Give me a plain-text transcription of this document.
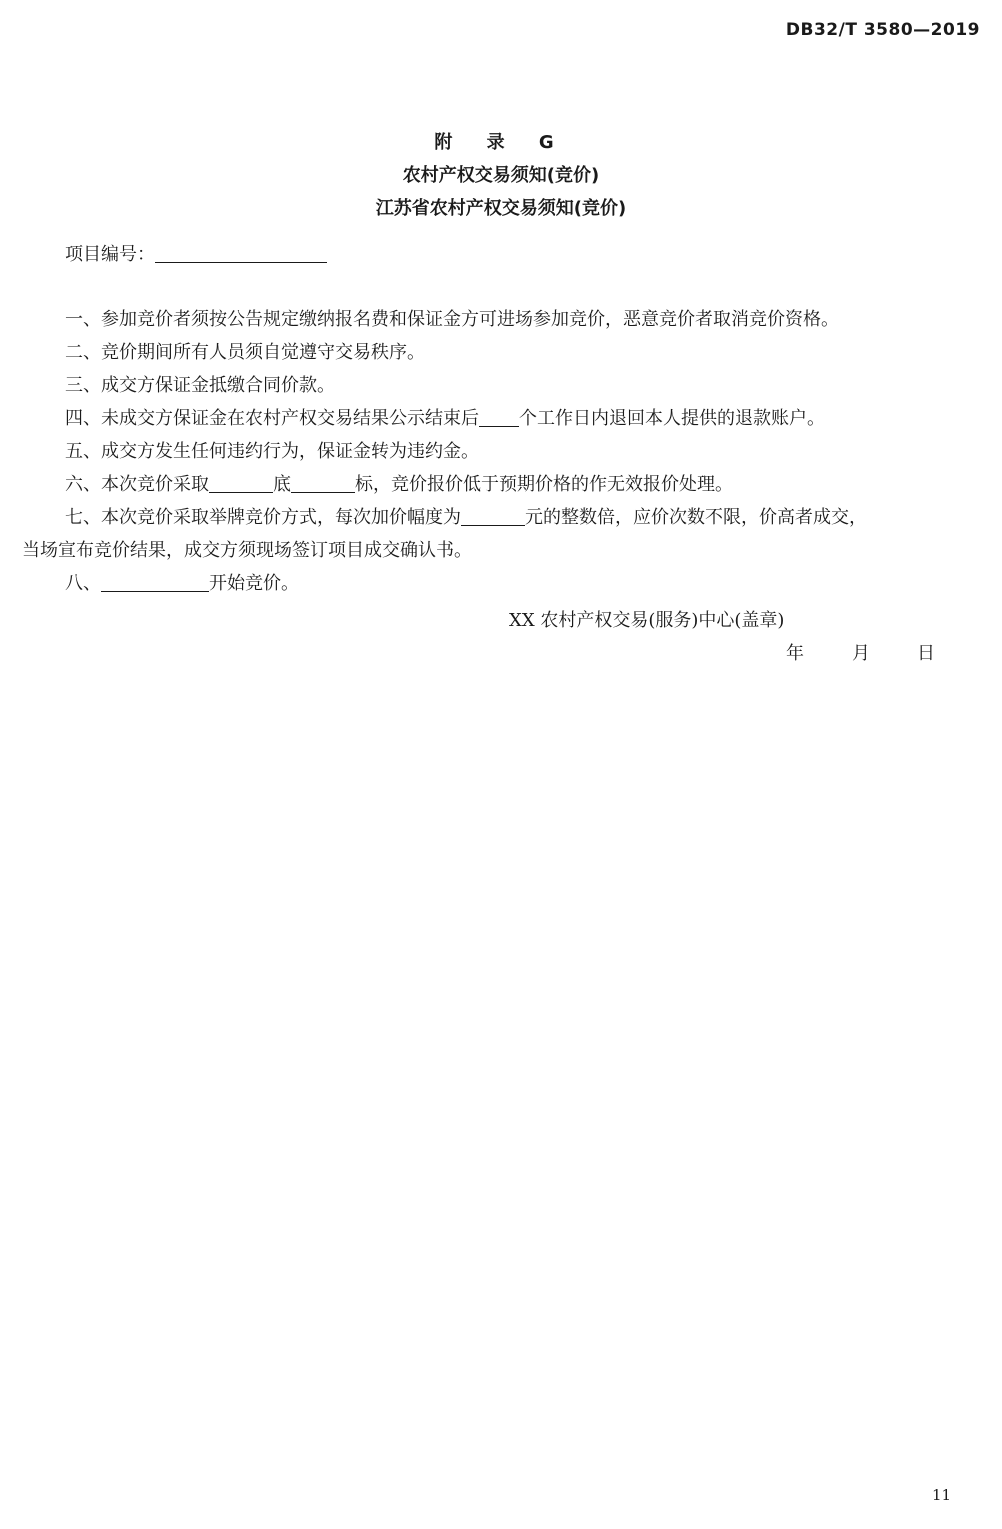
DB32/T 3580—2019
附 录 G
农村产权交易须知(竞价)
江苏省农村产权交易须知(竞价)
项目编号：
一、参加竞价者须按公告规定缴纳报名费和保证金方可进场参加竞价，恶意竞价者取消竞价资格。
二、竞价期间所有人员须自觉遵守交易秩序。
三、成交方保证金抵缴合同价款。
四、未成交方保证金在农村产权交易结果公示结束后 个工作日内退回本人提供的退款账户。
五、成交方发生任何违约行为，保证金转为违约金。
六、本次竞价采取	底	标，竞价报价低于预期价格的作无效报价处理。
七、本次竞价采取举牌竞价方式，每次加价幅度为	元的整数倍，应价次数不限，价高者成交，
当场宣布竞价结果，成交方须现场签订项目成交确认书。
八、	开始竞价。
XX 农村产权交易(服务)中心(盖章)
年	月	日
11
